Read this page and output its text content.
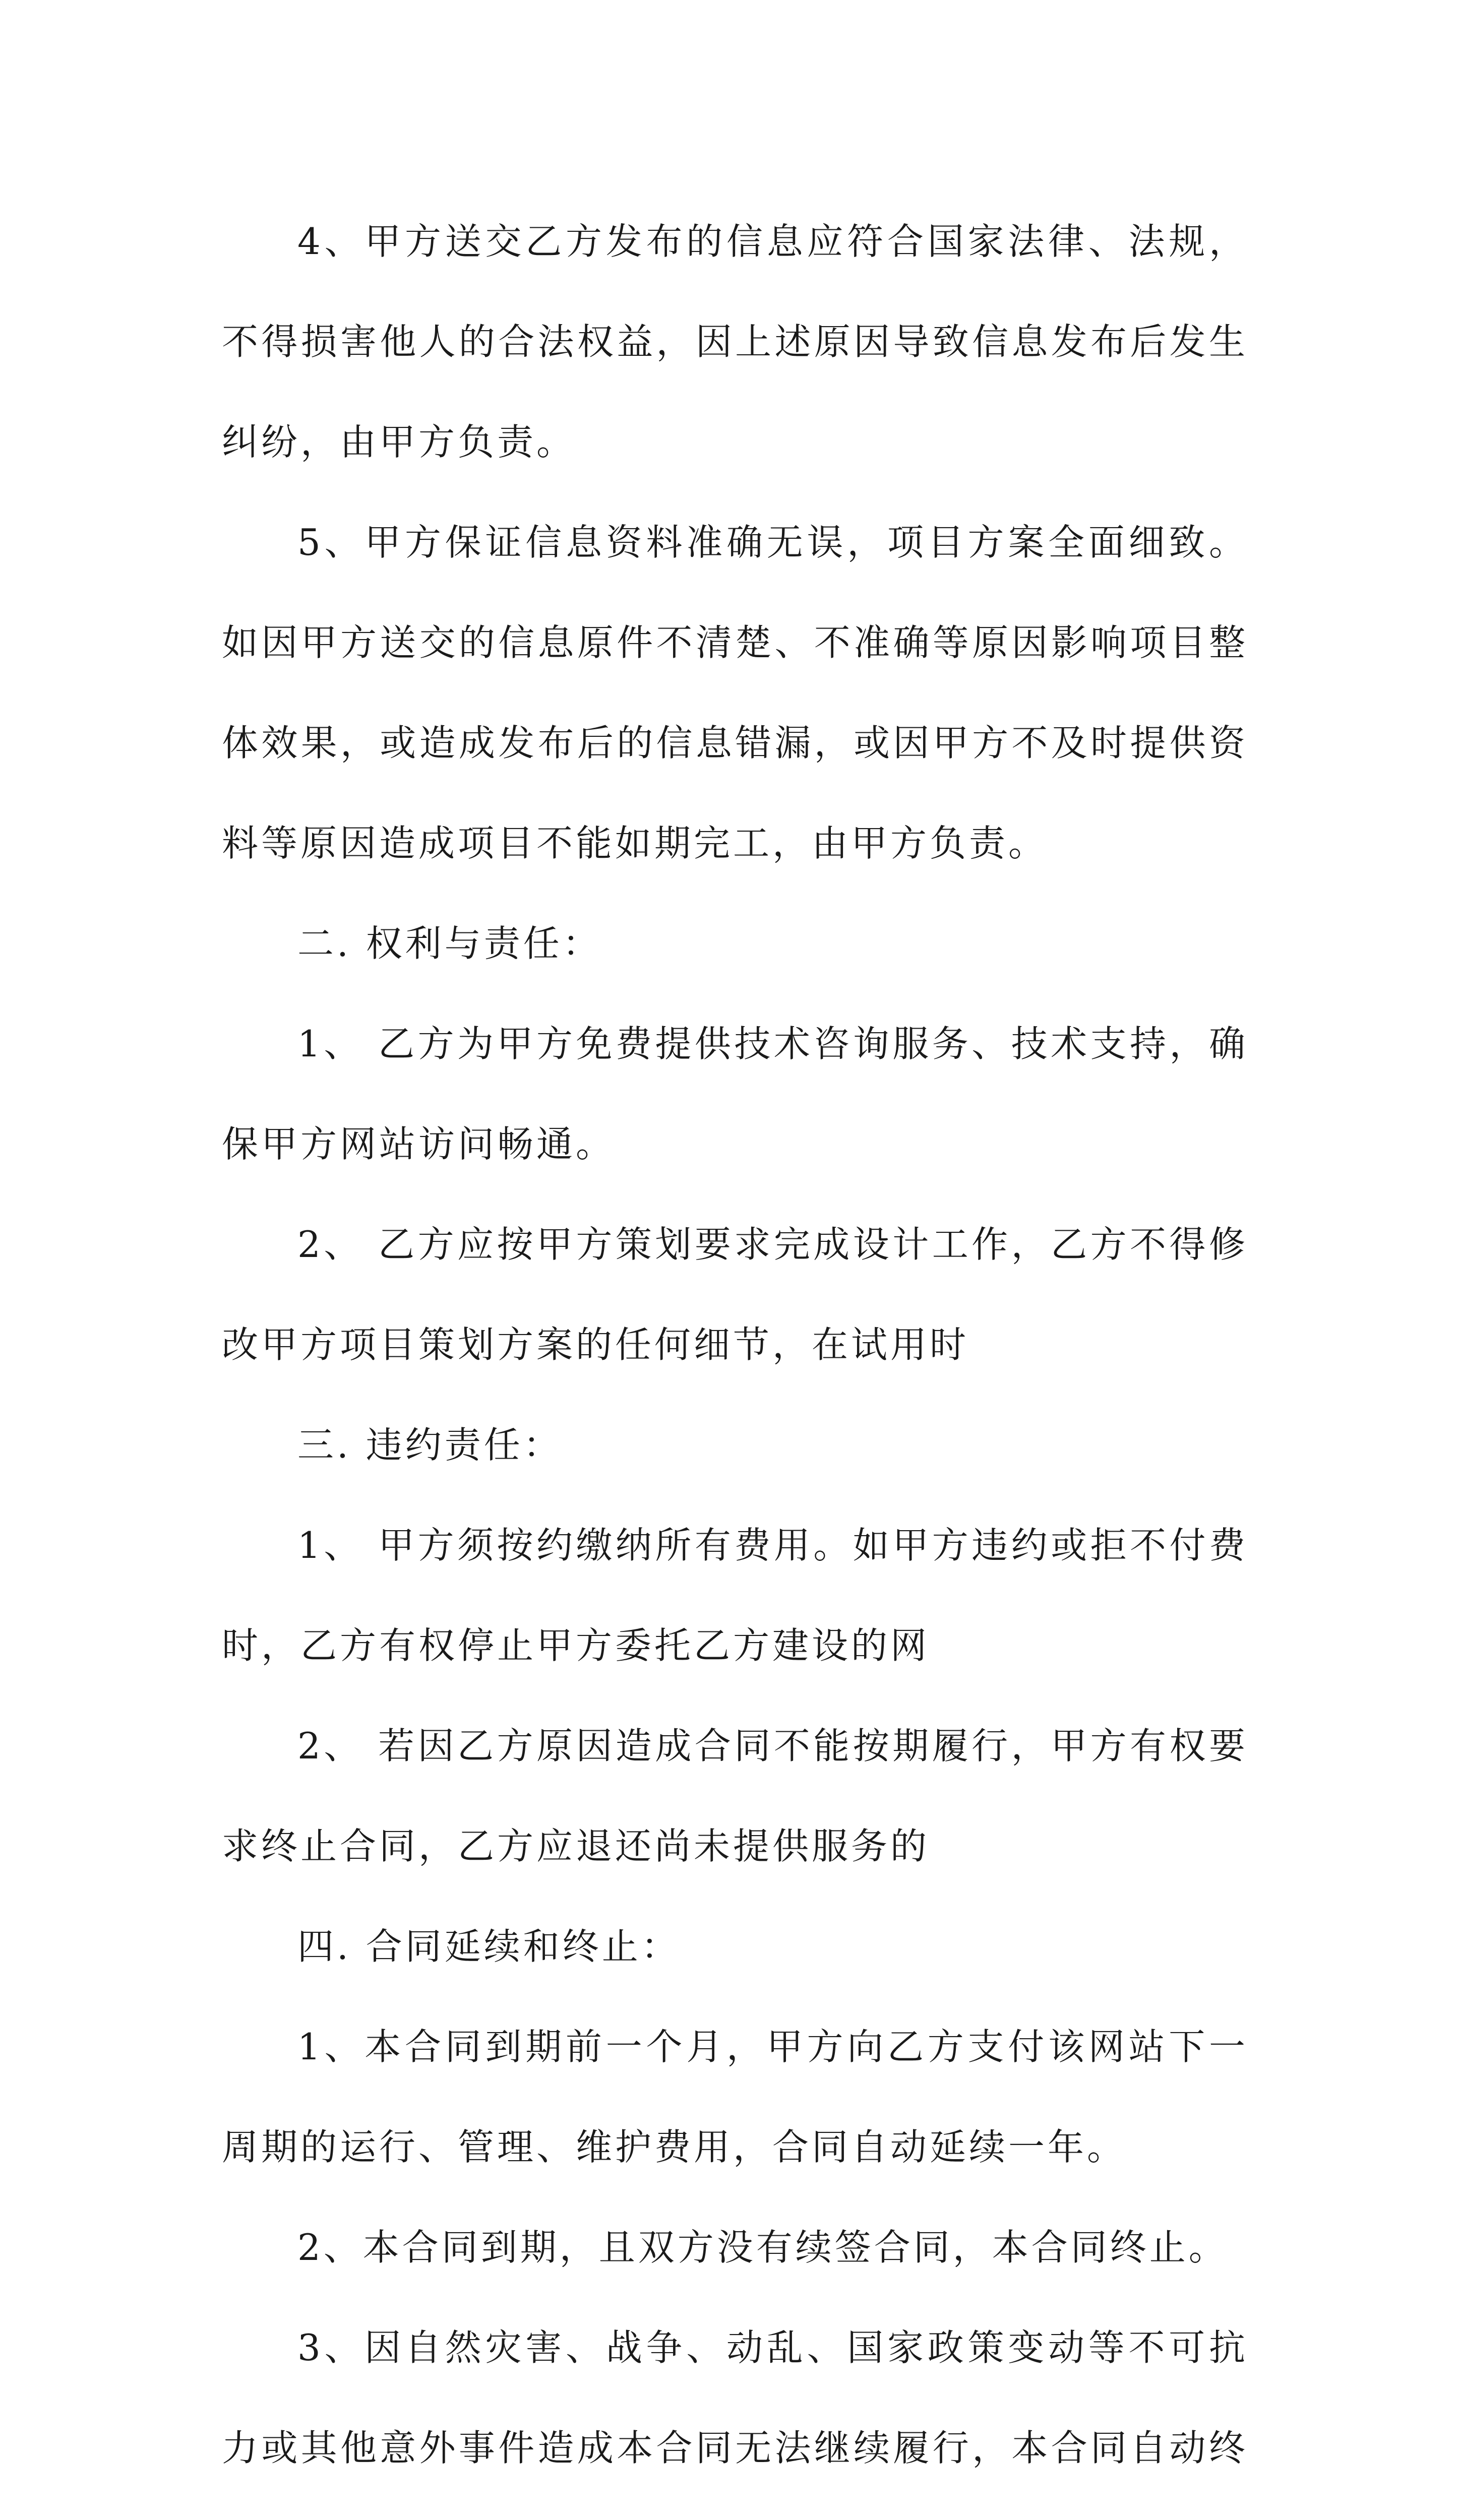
4、甲方送交乙方发布的信息应符合国家法律、法规，
不得损害他人的合法权益，因上述原因导致信息发布后发生
纠纷，由甲方负责。
5、甲方保证信息资料准确无误，项目方案全面细致。
如因甲方送交的信息原件不清楚、不准确等原因影响项目整
体效果，或造成发布后的信息错漏，或因甲方不及时提供资
料等原因造成项目不能如期完工，由甲方负责。
二. 权利与责任：
1、 乙方为甲方免费提供技术咨询服务、技术支持，确
保甲方网站访问畅通。
2、 乙方应按甲方策划要求完成设计工作，乙方不得修
改甲方项目策划方案的任何细节，在试用时
三. 违约责任：
1、 甲方须按约缴纳所有费用。如甲方违约或拒不付费
时，乙方有权停止甲方委托乙方建设的网
2、 若因乙方原因造成合同不能按期履行，甲方有权要
求终止合同，乙方应退还尚未提供服务的
四. 合同延续和终止：
1、本合同到期前一个月，甲方向乙方支付该网站下一
周期的运行、管理、维护费用，合同自动延续一年。
2、本合同到期，且双方没有续签合同，本合同终止。
3、因自然灾害、战争、动乱、国家政策变动等不可抗
力或其他意外事件造成本合同无法继续履行，本合同自动终
